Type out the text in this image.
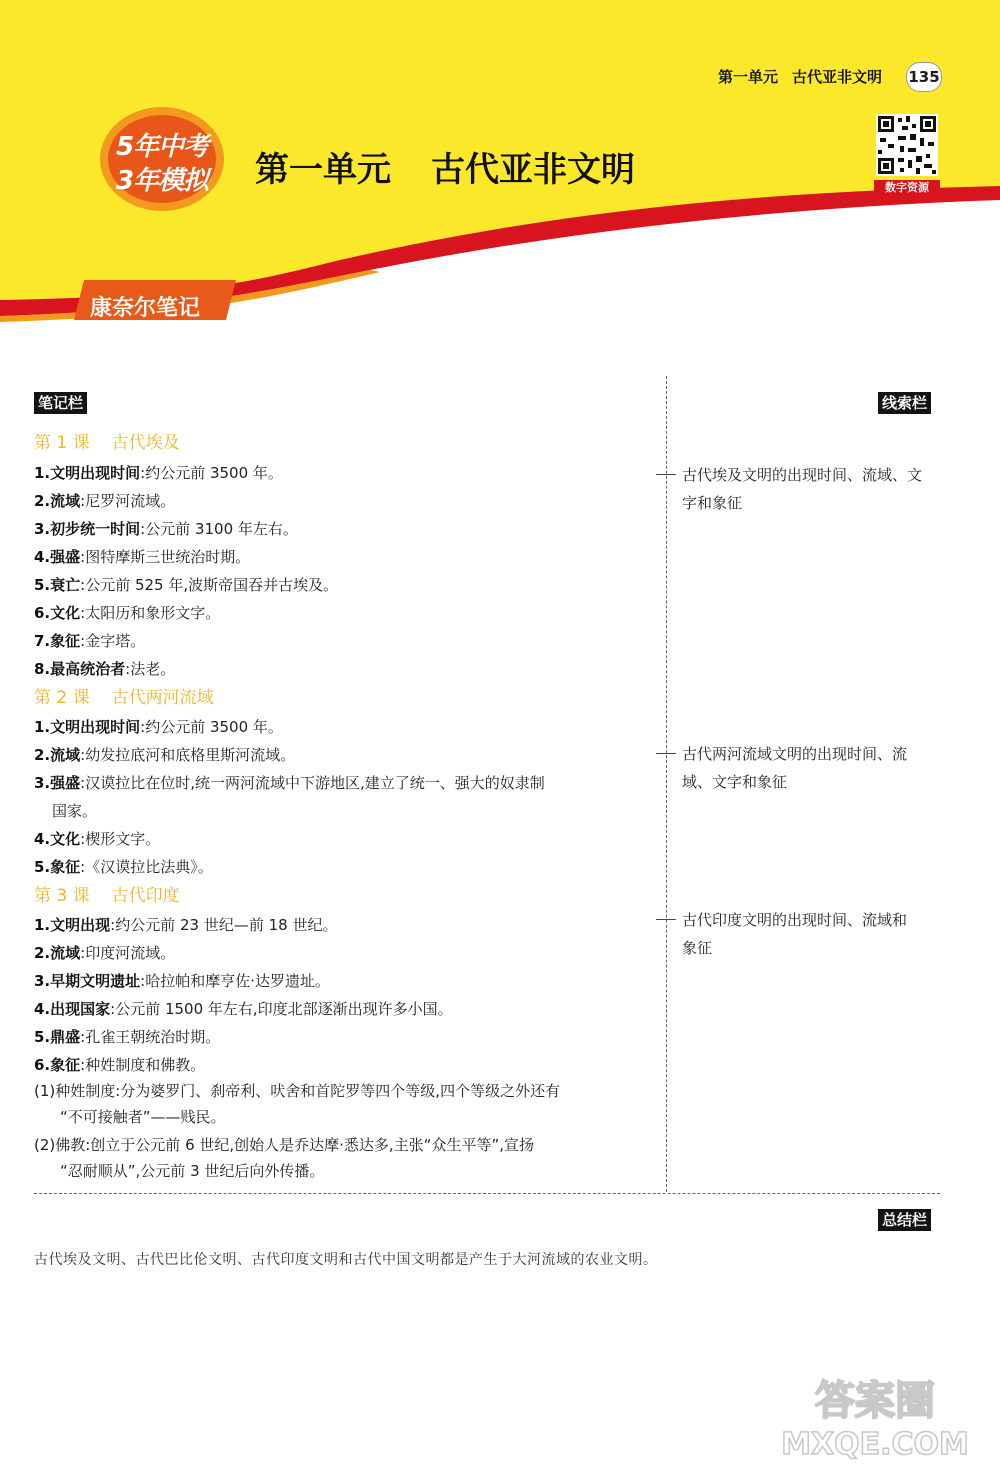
第一单元 古代亚非文明 135
5年中考
3年模拟	第一单元 古代亚非文明	数字资源
康奈尔笔记
笔记栏	线索栏
总结栏
第 1 课 古代埃及
1.文明出现时间:约公元前 3500 年。
2.流域:尼罗河流域。
3.初步统一时间:公元前 3100 年左右。
4.强盛:图特摩斯三世统治时期。
5.衰亡:公元前 525 年,波斯帝国吞并古埃及。
6.文化:太阳历和象形文字。
7.象征:金字塔。
8.最高统治者:法老。
第 2 课 古代两河流域
1.文明出现时间:约公元前 3500 年。
2.流域:幼发拉底河和底格里斯河流域。
3.强盛:汉谟拉比在位时,统一两河流域中下游地区,建立了统一、强大的奴隶制
国家。
4.文化:楔形文字。
5.象征:《汉谟拉比法典》。
第 3 课 古代印度
1.文明出现:约公元前 23 世纪—前 18 世纪。
2.流域:印度河流域。
3.早期文明遗址:哈拉帕和摩亨佐·达罗遗址。
4.出现国家:公元前 1500 年左右,印度北部逐渐出现许多小国。
5.鼎盛:孔雀王朝统治时期。
6.象征:种姓制度和佛教。
(1)种姓制度:分为婆罗门、刹帝利、吠舍和首陀罗等四个等级,四个等级之外还有
“不可接触者”——贱民。
(2)佛教:创立于公元前 6 世纪,创始人是乔达摩·悉达多,主张“众生平等”,宣扬
“忍耐顺从”,公元前 3 世纪后向外传播。
古代埃及文明的出现时间、流域、文
字和象征
古代两河流域文明的出现时间、流
域、文字和象征
古代印度文明的出现时间、流域和
象征
古代埃及文明、古代巴比伦文明、古代印度文明和古代中国文明都是产生于大河流域的农业文明。
答案圈
MXQE.COM
